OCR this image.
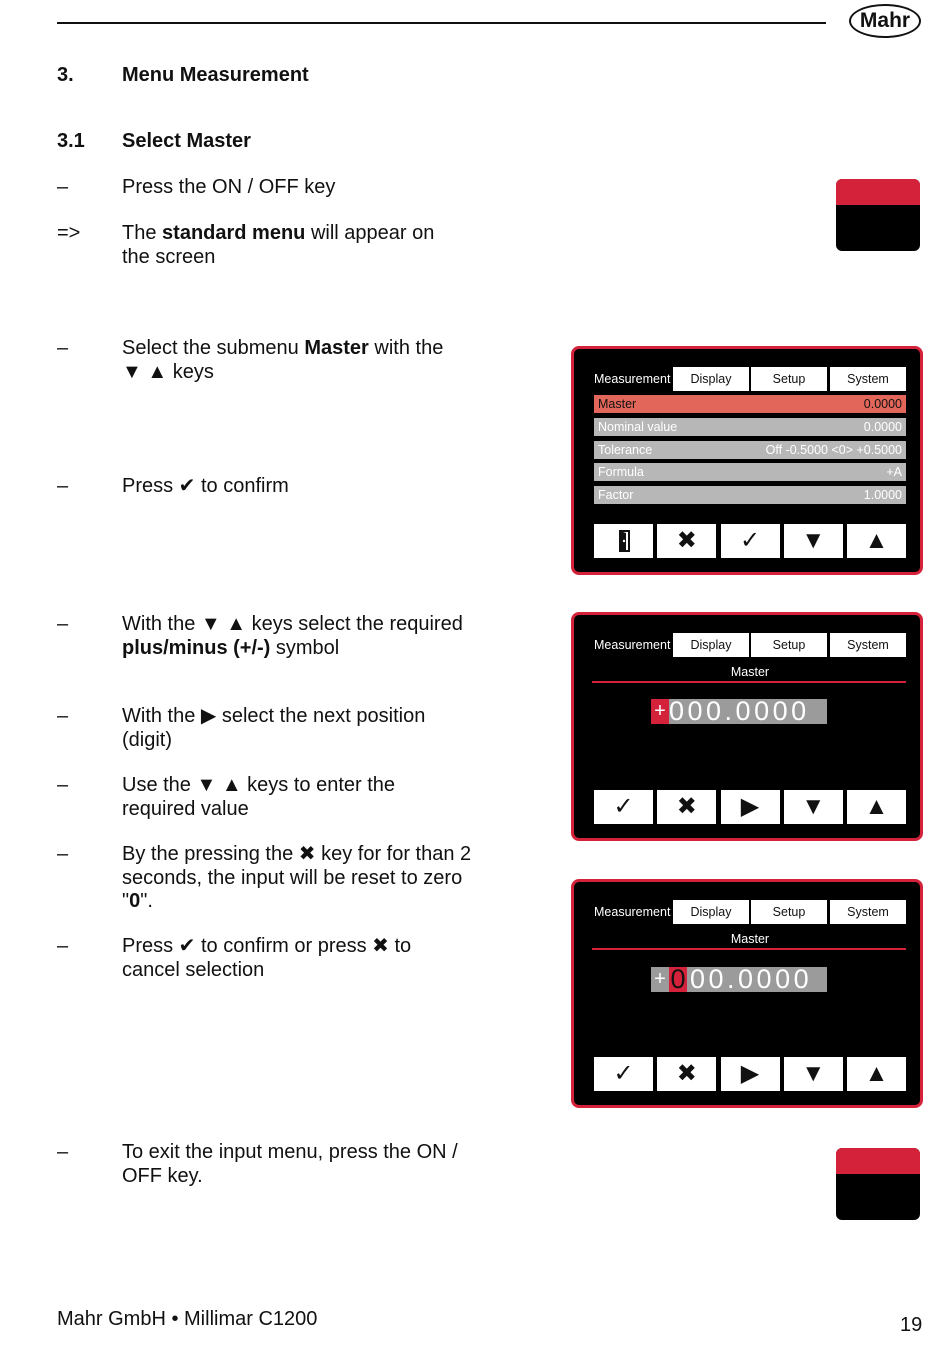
Mahr
3. Menu Measurement
3.1 Select Master
–	Press the ON / OFF key
=> The standard menu will appear on the screen
–	Select the submenu Master with the ▼ ▲ keys
–	Press ✔ to confirm
–	With the ▼ ▲ keys select the required plus/minus (+/-) symbol
–	With the ▶ select the next position (digit)
–	Use the ▼ ▲ keys to enter the required value
–	By the pressing the ✖ key for for than 2 seconds, the input will be reset to zero "0".
–	Press ✔ to confirm or press ✖ to cancel selection
–	To exit the input menu, press the ON / OFF key.
Measurement	Display	Setup	System
Master	0.0000
Nominal value	0.0000
Tolerance	Off -0.5000 <0> +0.5000
Formula	+A
Factor	1.0000
✖	✓	▼	▲
Measurement	Display	Setup	System
Master
+ 000.0000
✓	✖	▶	▼	▲
Measurement	Display	Setup	System
Master
+ 0 00.0000
✓	✖	▶	▼	▲
Mahr GmbH • Millimar C1200	19
